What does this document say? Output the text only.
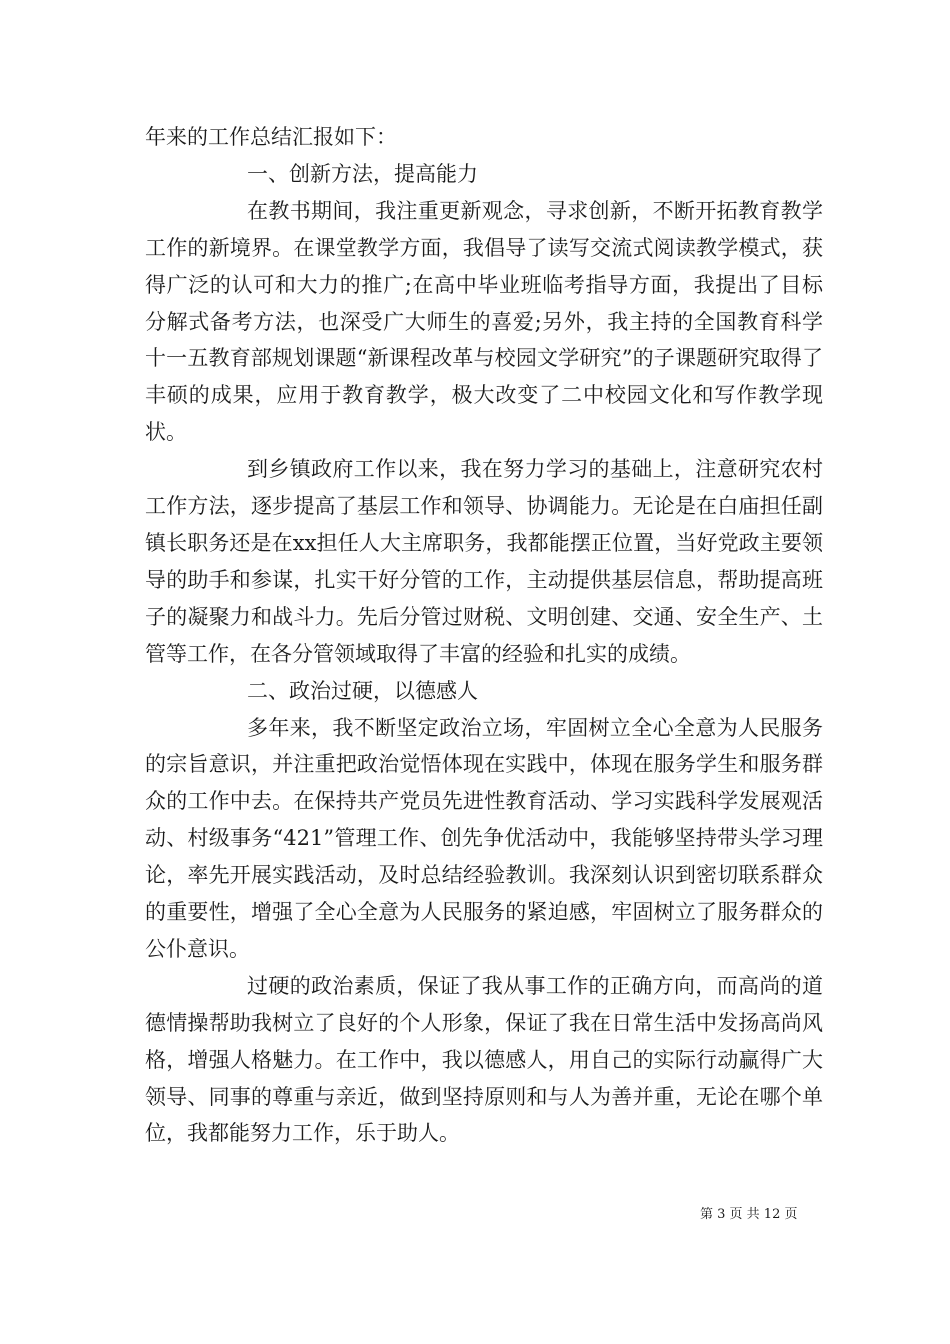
年来的工作总结汇报如下：

一、创新方法，提高能力

在教书期间，我注重更新观念，寻求创新，不断开拓教育教学工作的新境界。在课堂教学方面，我倡导了读写交流式阅读教学模式，获得广泛的认可和大力的推广;在高中毕业班临考指导方面，我提出了目标分解式备考方法，也深受广大师生的喜爱;另外，我主持的全国教育科学十一五教育部规划课题“新课程改革与校园文学研究”的子课题研究取得了丰硕的成果，应用于教育教学，极大改变了二中校园文化和写作教学现状。

到乡镇政府工作以来，我在努力学习的基础上，注意研究农村工作方法，逐步提高了基层工作和领导、协调能力。无论是在白庙担任副镇长职务还是在xx担任人大主席职务，我都能摆正位置，当好党政主要领导的助手和参谋，扎实干好分管的工作，主动提供基层信息，帮助提高班子的凝聚力和战斗力。先后分管过财税、文明创建、交通、安全生产、土管等工作，在各分管领域取得了丰富的经验和扎实的成绩。

二、政治过硬，以德感人

多年来，我不断坚定政治立场，牢固树立全心全意为人民服务的宗旨意识，并注重把政治觉悟体现在实践中，体现在服务学生和服务群众的工作中去。在保持共产党员先进性教育活动、学习实践科学发展观活动、村级事务“421”管理工作、创先争优活动中，我能够坚持带头学习理论，率先开展实践活动，及时总结经验教训。我深刻认识到密切联系群众的重要性，增强了全心全意为人民服务的紧迫感，牢固树立了服务群众的公仆意识。

过硬的政治素质，保证了我从事工作的正确方向，而高尚的道德情操帮助我树立了良好的个人形象，保证了我在日常生活中发扬高尚风格，增强人格魅力。在工作中，我以德感人，用自己的实际行动赢得广大领导、同事的尊重与亲近，做到坚持原则和与人为善并重，无论在哪个单位，我都能努力工作，乐于助人。

第 3 页 共 12 页
